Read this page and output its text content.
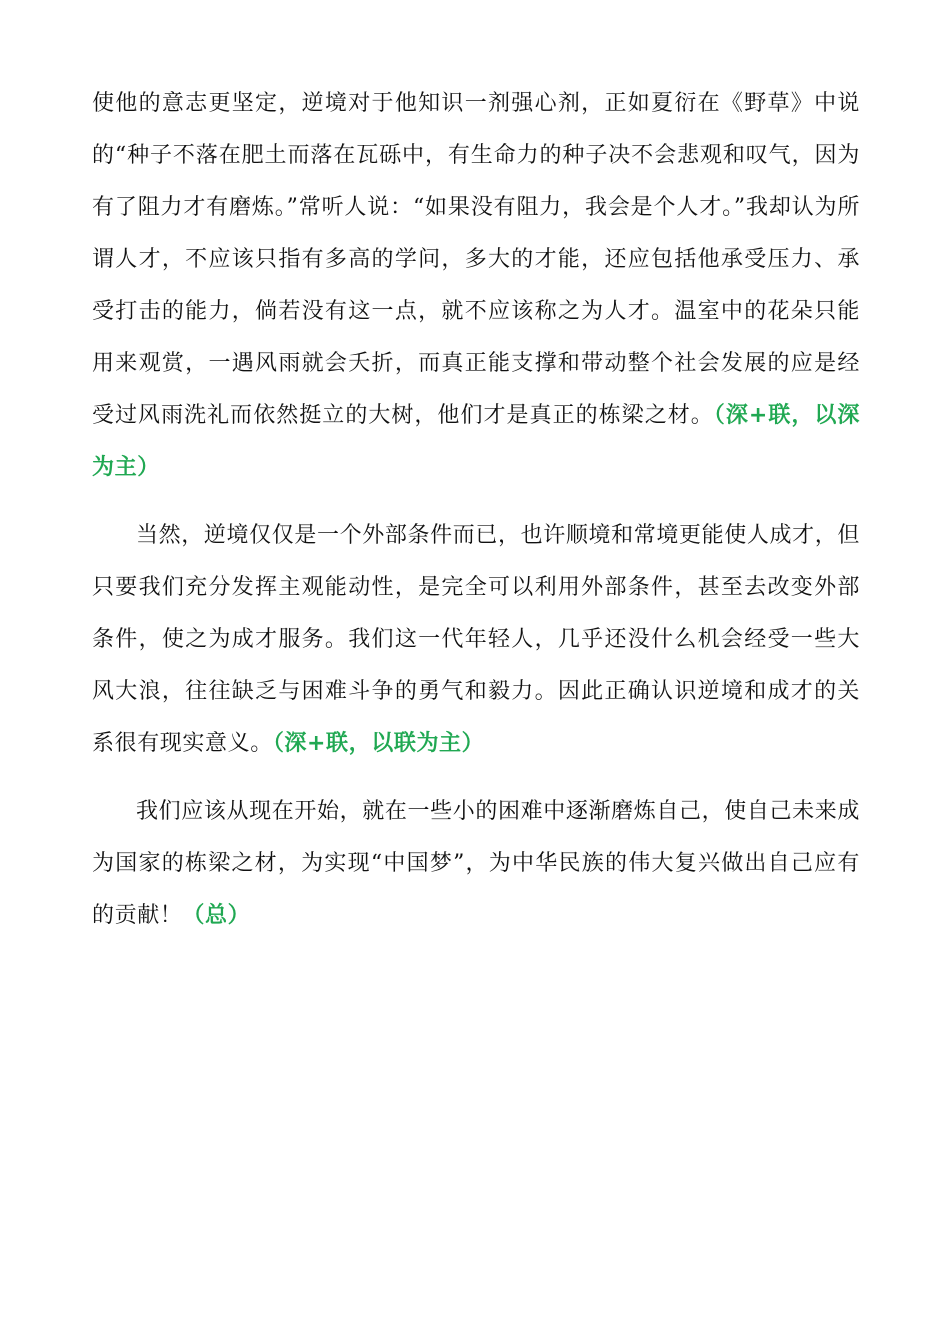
使他的意志更坚定，逆境对于他知识一剂强心剂，正如夏衍在《野草》中说的“种子不落在肥土而落在瓦砾中，有生命力的种子决不会悲观和叹气，因为有了阻力才有磨炼。”常听人说：“如果没有阻力，我会是个人才。”我却认为所谓人才，不应该只指有多高的学问，多大的才能，还应包括他承受压力、承受打击的能力，倘若没有这一点，就不应该称之为人才。温室中的花朵只能用来观赏，一遇风雨就会夭折，而真正能支撑和带动整个社会发展的应是经受过风雨洗礼而依然挺立的大树，他们才是真正的栋梁之材。（深+联，以深为主）

当然，逆境仅仅是一个外部条件而已，也许顺境和常境更能使人成才，但只要我们充分发挥主观能动性，是完全可以利用外部条件，甚至去改变外部条件，使之为成才服务。我们这一代年轻人，几乎还没什么机会经受一些大风大浪，往往缺乏与困难斗争的勇气和毅力。因此正确认识逆境和成才的关系很有现实意义。（深+联，以联为主）

我们应该从现在开始，就在一些小的困难中逐渐磨炼自己，使自己未来成为国家的栋梁之材，为实现“中国梦”，为中华民族的伟大复兴做出自己应有的贡献！（总）
